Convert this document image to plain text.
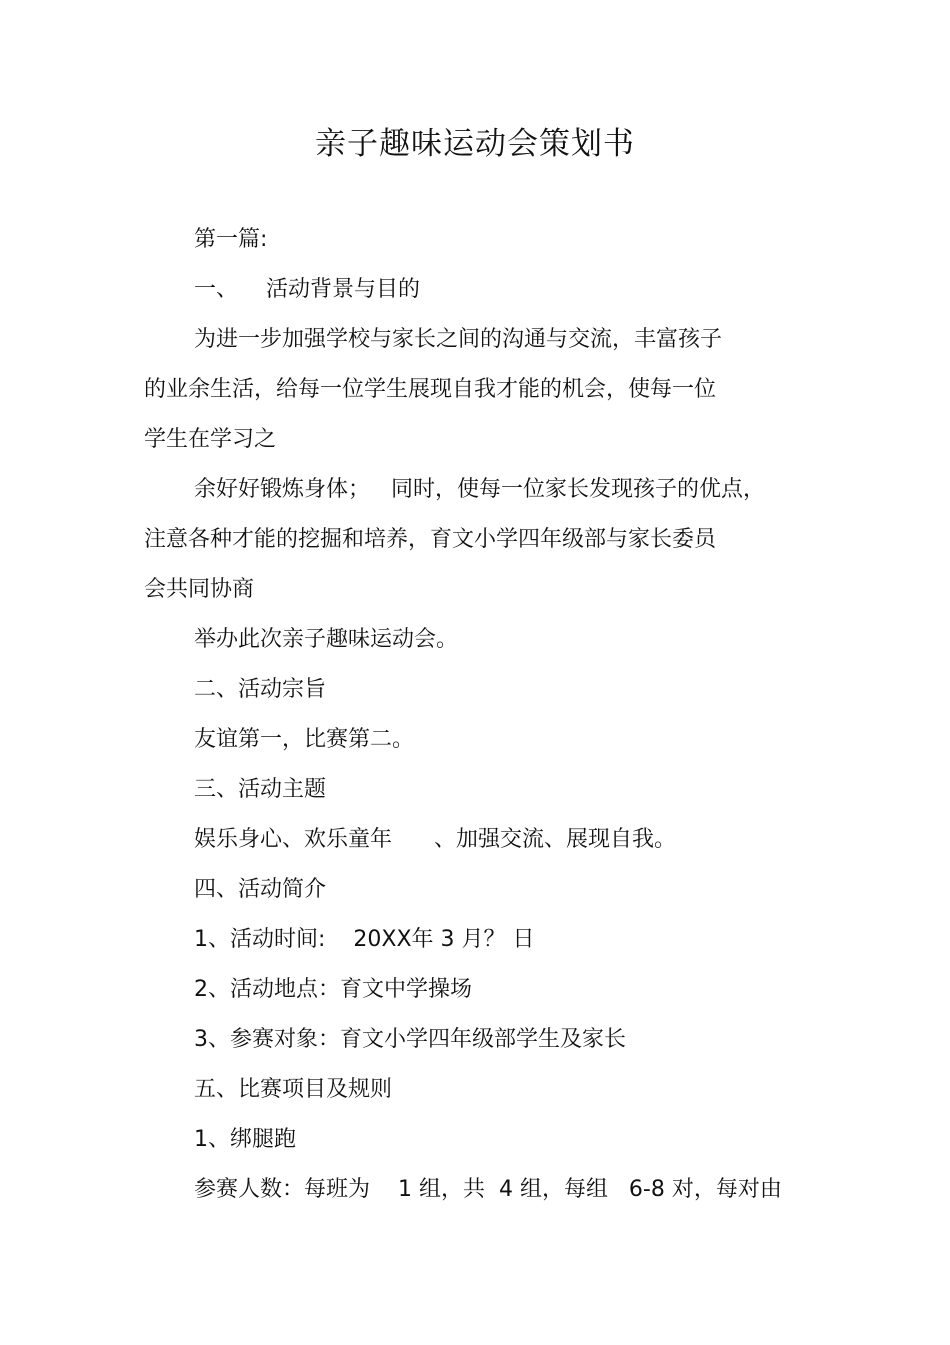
亲子趣味运动会策划书
第一篇:
一、    活动背景与目的
为进一步加强学校与家长之间的沟通与交流，丰富孩子
的业余生活，给每一位学生展现自我才能的机会，使每一位
学生在学习之
余好好锻炼身体；   同时，使每一位家长发现孩子的优点，
注意各种才能的挖掘和培养，育文小学四年级部与家长委员
会共同协商
举办此次亲子趣味运动会。
二、活动宗旨
友谊第一，比赛第二。
三、活动主题
娱乐身心、欢乐童年      、加强交流、展现自我。
四、活动简介
1、活动时间:    20XX年 3 月？ 日
2、活动地点：育文中学操场
3、参赛对象：育文小学四年级部学生及家长
五、比赛项目及规则
1、绑腿跑
参赛人数：每班为    1 组，共  4 组，每组   6-8 对，每对由
